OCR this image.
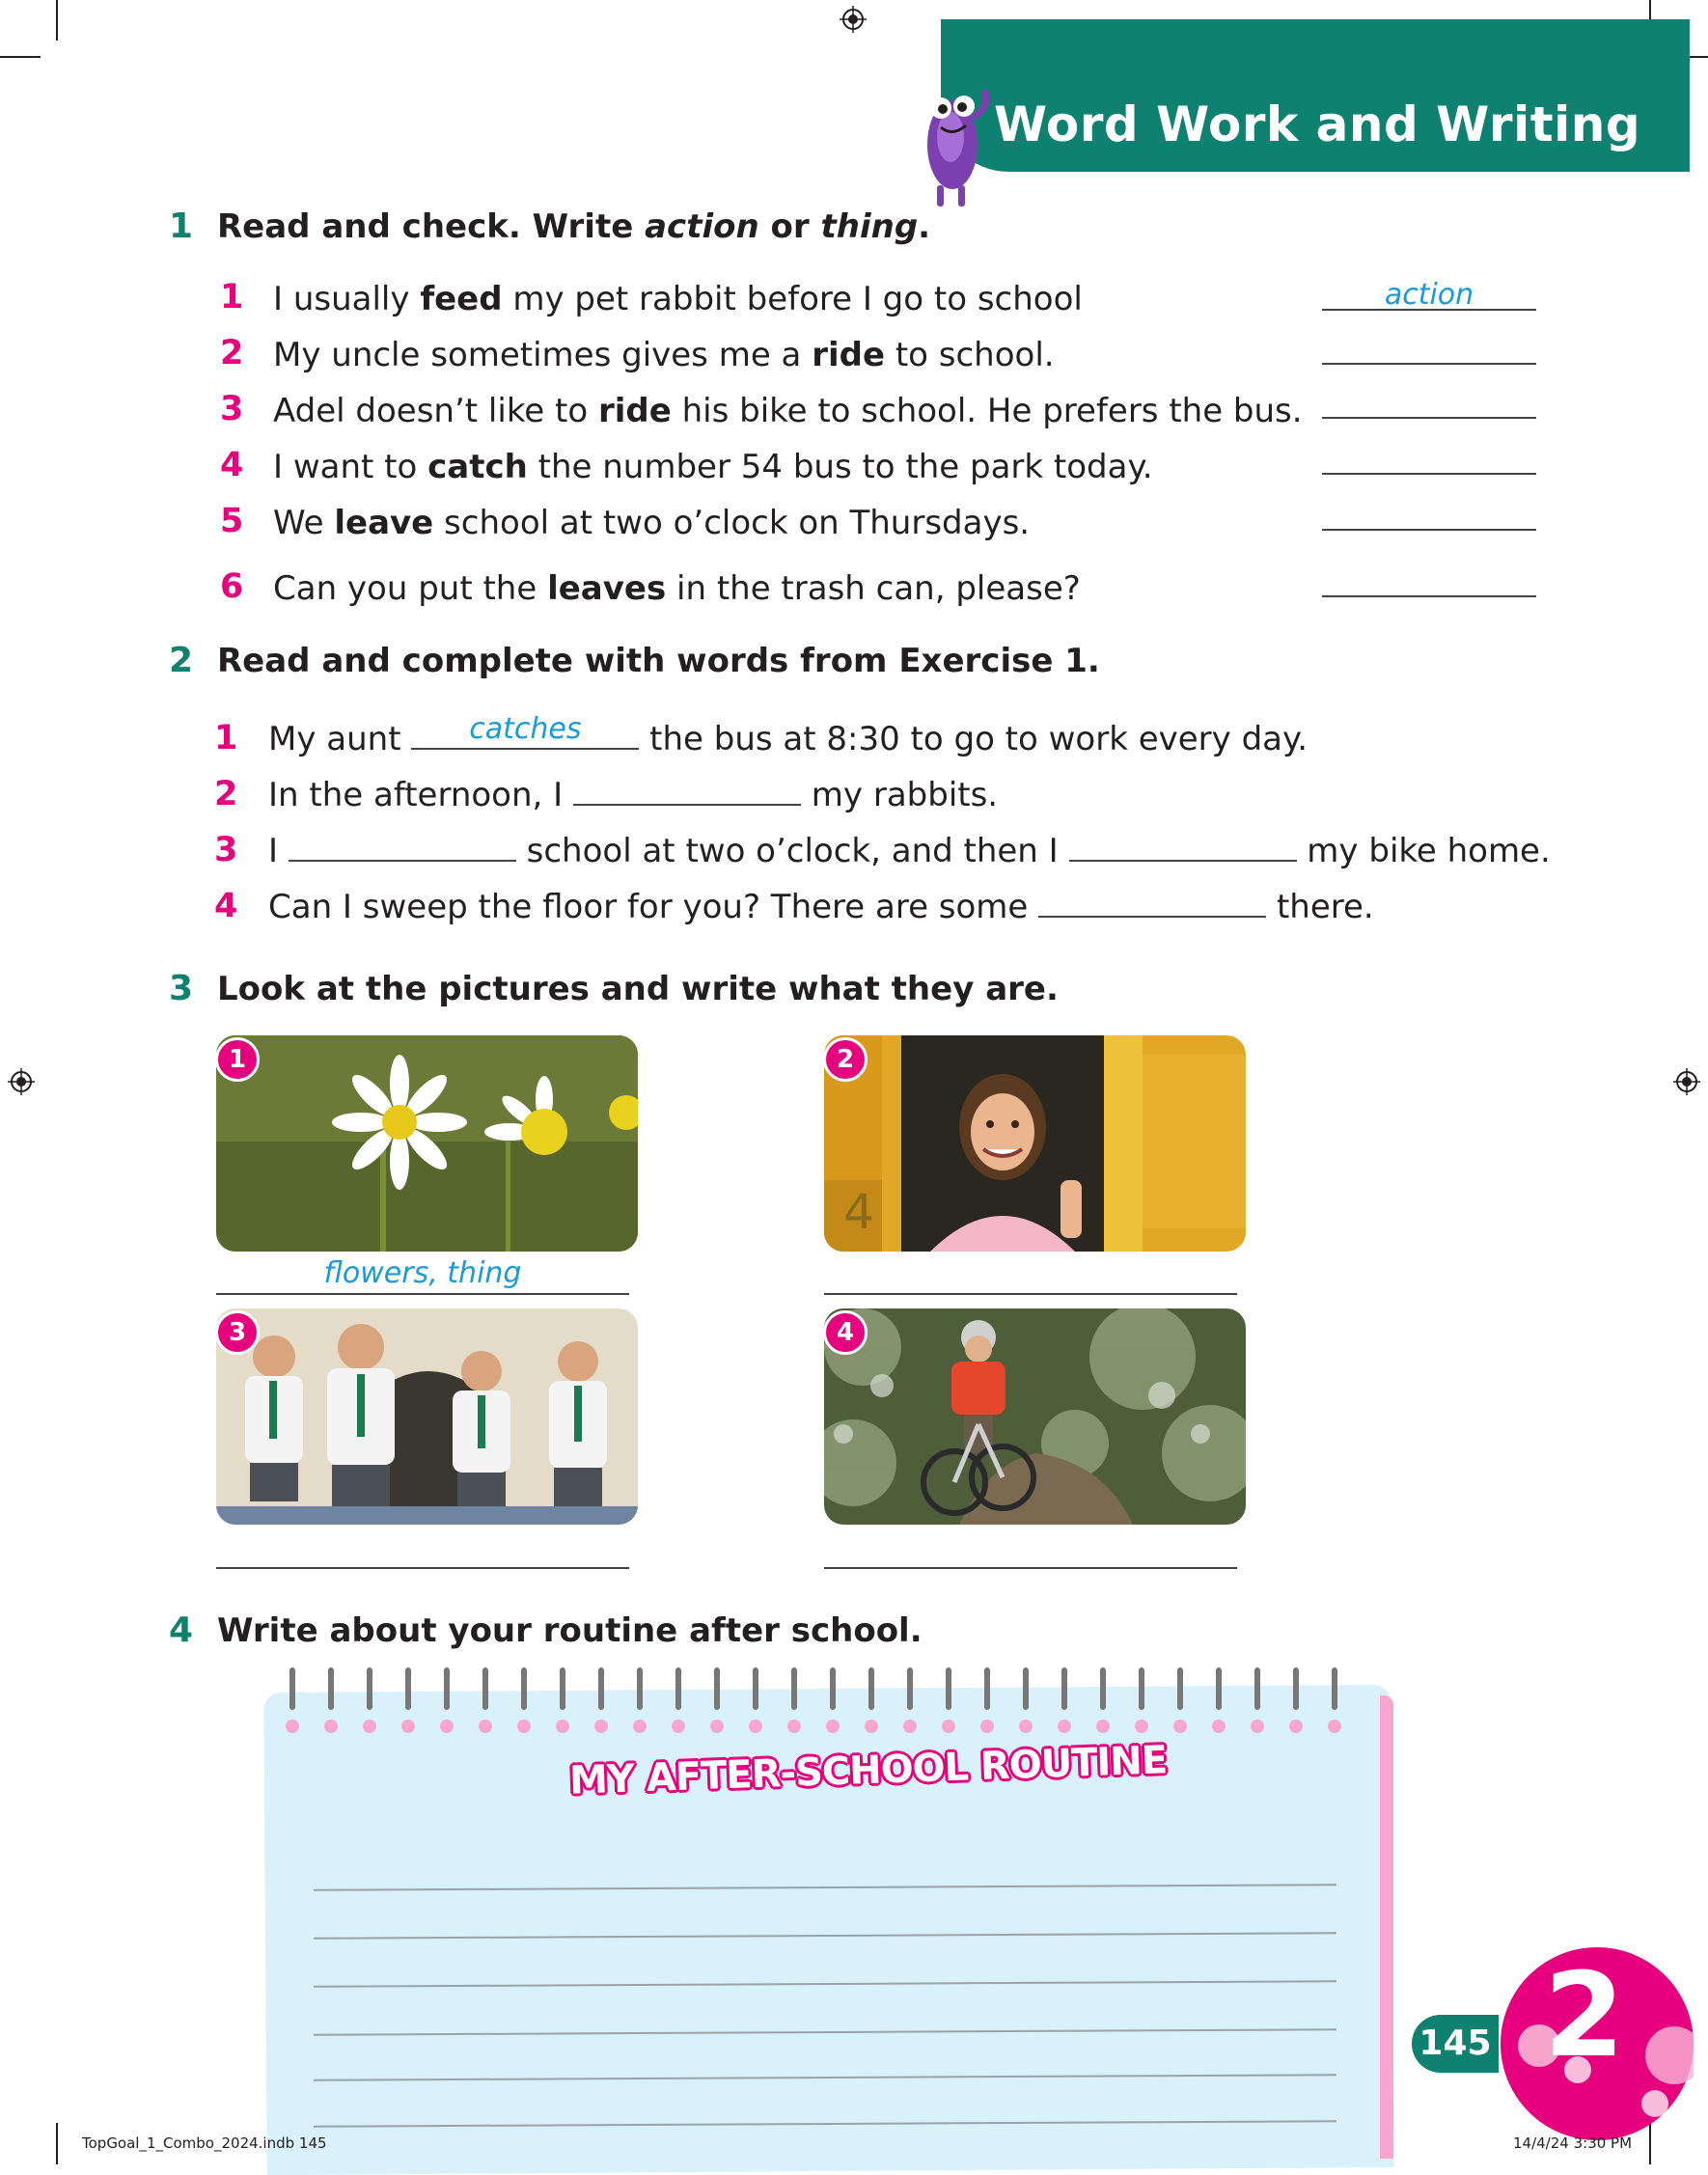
Word Work and Writing
1 Read and check. Write action or thing.
1 I usually feed my pet rabbit before I go to school	action
2 My uncle sometimes gives me a ride to school.
3 Adel doesn’t like to ride his bike to school. He prefers the bus.
4 I want to catch the number 54 bus to the park today.
5 We leave school at two o’clock on Thursdays.
6 Can you put the leaves in the trash can, please?
2 Read and complete with words from Exercise 1.
1 My aunt	catches	the bus at 8:30 to go to work every day.
2 In the afternoon, I	my rabbits.
3 I	school at two o’clock, and then I	my bike home.
4 Can I sweep the floor for you? There are some	there.
3 Look at the pictures and write what they are.
1
flowers, thing
4
2
3	4
4 Write about your routine after school.
MY AFTER-SCHOOL ROUTINE
2
145
TopGoal_1_Combo_2024.indb 145	14/4/24 3:30 PM
